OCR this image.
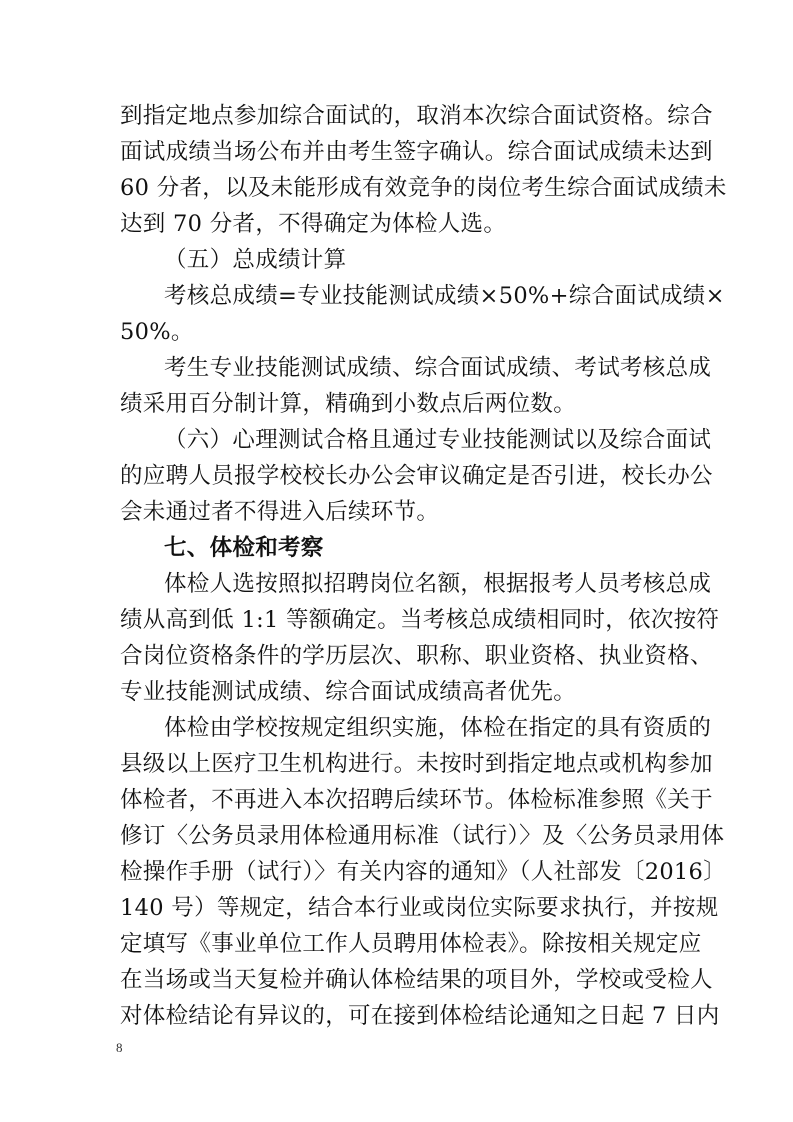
到指定地点参加综合面试的，取消本次综合面试资格。综合
面试成绩当场公布并由考生签字确认。综合面试成绩未达到
60 分者，以及未能形成有效竞争的岗位考生综合面试成绩未
达到 70 分者，不得确定为体检人选。
（五）总成绩计算
考核总成绩=专业技能测试成绩×50%+综合面试成绩×
50%。
考生专业技能测试成绩、综合面试成绩、考试考核总成
绩采用百分制计算，精确到小数点后两位数。
（六）心理测试合格且通过专业技能测试以及综合面试
的应聘人员报学校校长办公会审议确定是否引进，校长办公
会未通过者不得进入后续环节。
七、体检和考察
体检人选按照拟招聘岗位名额，根据报考人员考核总成
绩从高到低 1:1 等额确定。当考核总成绩相同时，依次按符
合岗位资格条件的学历层次、职称、职业资格、执业资格、
专业技能测试成绩、综合面试成绩高者优先。
体检由学校按规定组织实施，体检在指定的具有资质的
县级以上医疗卫生机构进行。未按时到指定地点或机构参加
体检者，不再进入本次招聘后续环节。体检标准参照《关于
修订〈公务员录用体检通用标准（试行）〉及〈公务员录用体
检操作手册（试行）〉有关内容的通知》（人社部发〔2016〕
140 号）等规定，结合本行业或岗位实际要求执行，并按规
定填写《事业单位工作人员聘用体检表》。除按相关规定应
在当场或当天复检并确认体检结果的项目外，学校或受检人
对体检结论有异议的，可在接到体检结论通知之日起 7 日内
8
